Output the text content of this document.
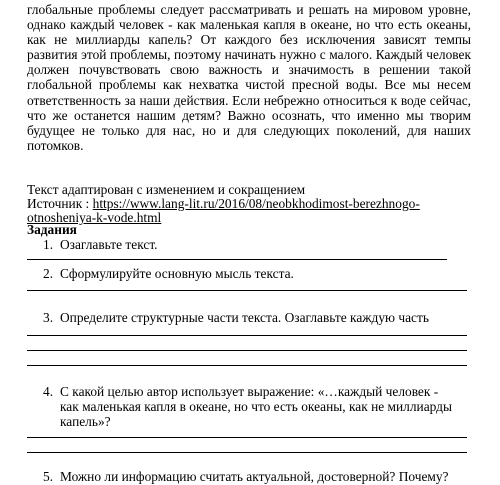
глобальные проблемы следует рассматривать и решать на мировом уровне, однако каждый человек - как маленькая капля в океане, но что есть океаны, как не миллиарды капель? От каждого без исключения зависят темпы развития этой проблемы, поэтому начинать нужно с малого. Каждый человек должен почувствовать свою важность и значимость в решении такой глобальной проблемы как нехватка чистой пресной воды. Все мы несем ответственность за наши действия. Если небрежно относиться к воде сейчас, что же останется нашим детям? Важно осознать, что именно мы творим будущее не только для нас, но и для следующих поколений, для наших потомков.
Текст адаптирован с изменением и сокращением
Источник : https://www.lang-lit.ru/2016/08/neobkhodimost-berezhnogo-
otnosheniya-k-vode.html
Задания
1. Озаглавьте текст.
2. Сформулируйте основную мысль текста.
3. Определите структурные части текста. Озаглавьте каждую часть
4. С какой целью автор использует выражение: «…каждый человек -
как маленькая капля в океане, но что есть океаны, как не миллиарды капель»?
5. Можно ли информацию считать актуальной, достоверной? Почему?
